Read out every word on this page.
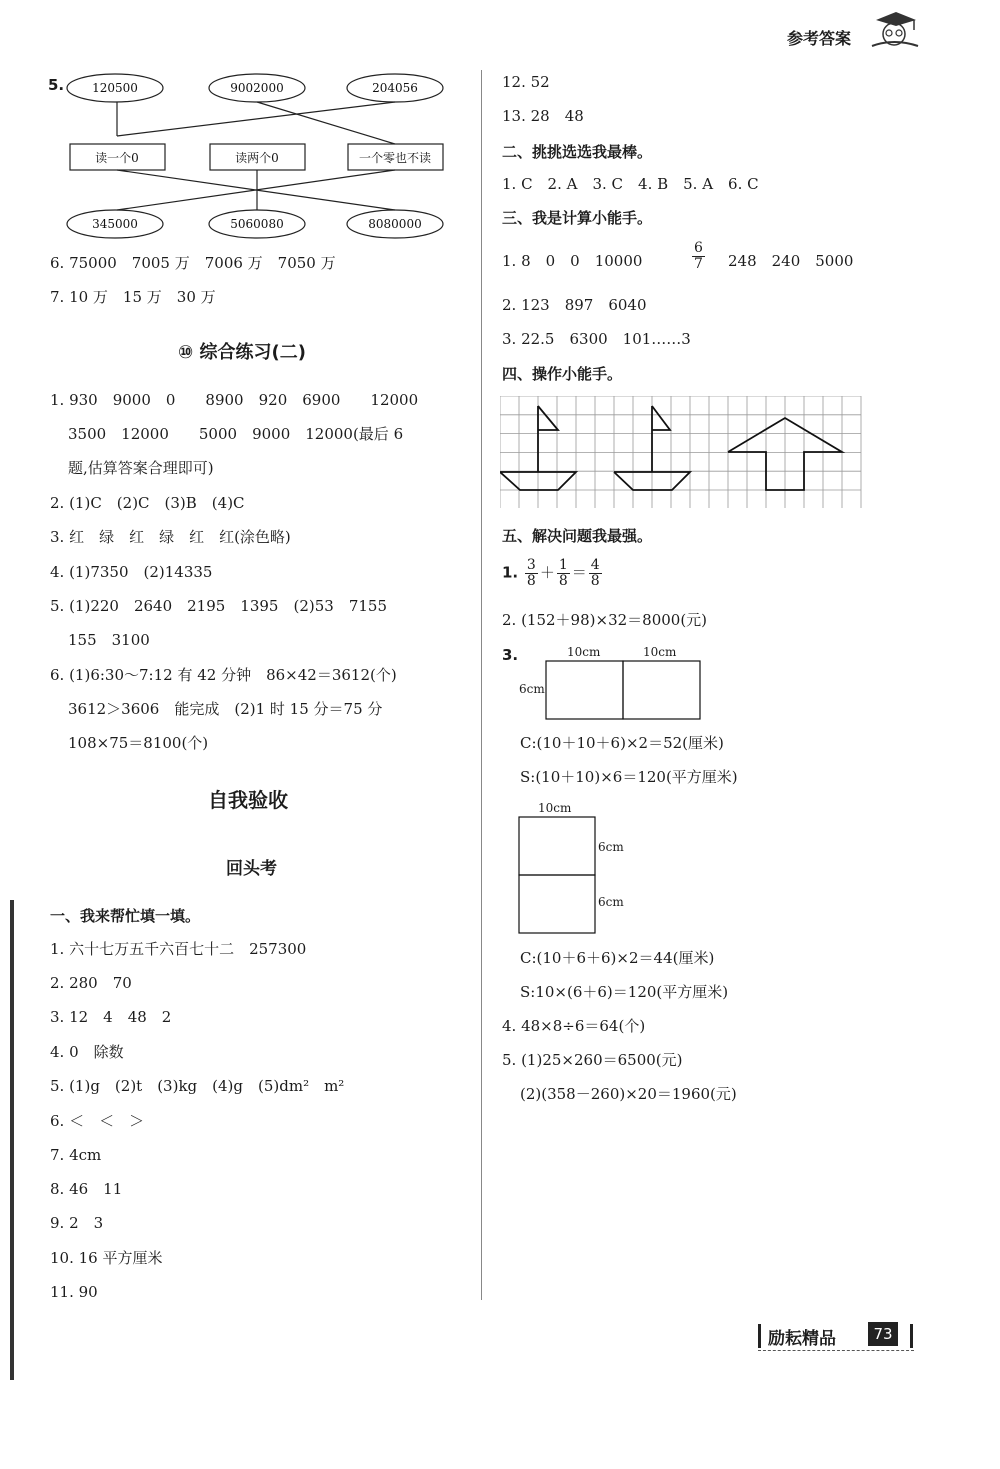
参考答案
5. 120500	9002000	204056
读一个0	读两个0	一个零也不读
345000	5060080	8080000
6. 75000　7005 万　7006 万　7050 万
7. 10 万　15 万　30 万
⑩ 综合练习(二)
1. 930　9000　0　　8900　920　6900　　12000
3500　12000　　5000　9000　12000(最后 6
题,估算答案合理即可)
2. (1)C　(2)C　(3)B　(4)C
3. 红　绿　红　绿　红　红(涂色略)
4. (1)7350　(2)14335
5. (1)220　2640　2195　1395　(2)53　7155
155　3100
6. (1)6:30～7:12 有 42 分钟　86×42＝3612(个)
3612＞3606　能完成　(2)1 时 15 分＝75 分
108×75＝8100(个)
自我验收
回头考
一、我来帮忙填一填。
1. 六十七万五千六百七十二　257300
2. 280　70
3. 12　4　48　2
4. 0　除数
5. (1)g　(2)t　(3)kg　(4)g　(5)dm²　m²
6. ＜　＜　＞
7. 4cm
8. 46　11
9. 2　3
10. 16 平方厘米
11. 90
12. 52
13. 28　48
二、挑挑选选我最棒。
1. C　2. A　3. C　4. B　5. A　6. C
三、我是计算小能手。
1. 8　0　0　10000	$\frac{6}{7} 248$　240　5000
2. 123　897　6040
3. 22.5　6300　101……3
四、操作小能手。
五、解决问题我最强。
1. $\frac{3}{8} + \frac{1}{8} = \frac{4}{8}$
2. (152＋98)×32＝8000(元)
3.	10cm	10cm
6cm
C:(10＋10＋6)×2＝52(厘米)
S:(10＋10)×6＝120(平方厘米)
10cm
6cm
6cm
C:(10＋6＋6)×2＝44(厘米)
S:10×(6＋6)＝120(平方厘米)
4. 48×8÷6＝64(个)
5. (1)25×260＝6500(元)
(2)(358－260)×20＝1960(元)
励耘精品	73
